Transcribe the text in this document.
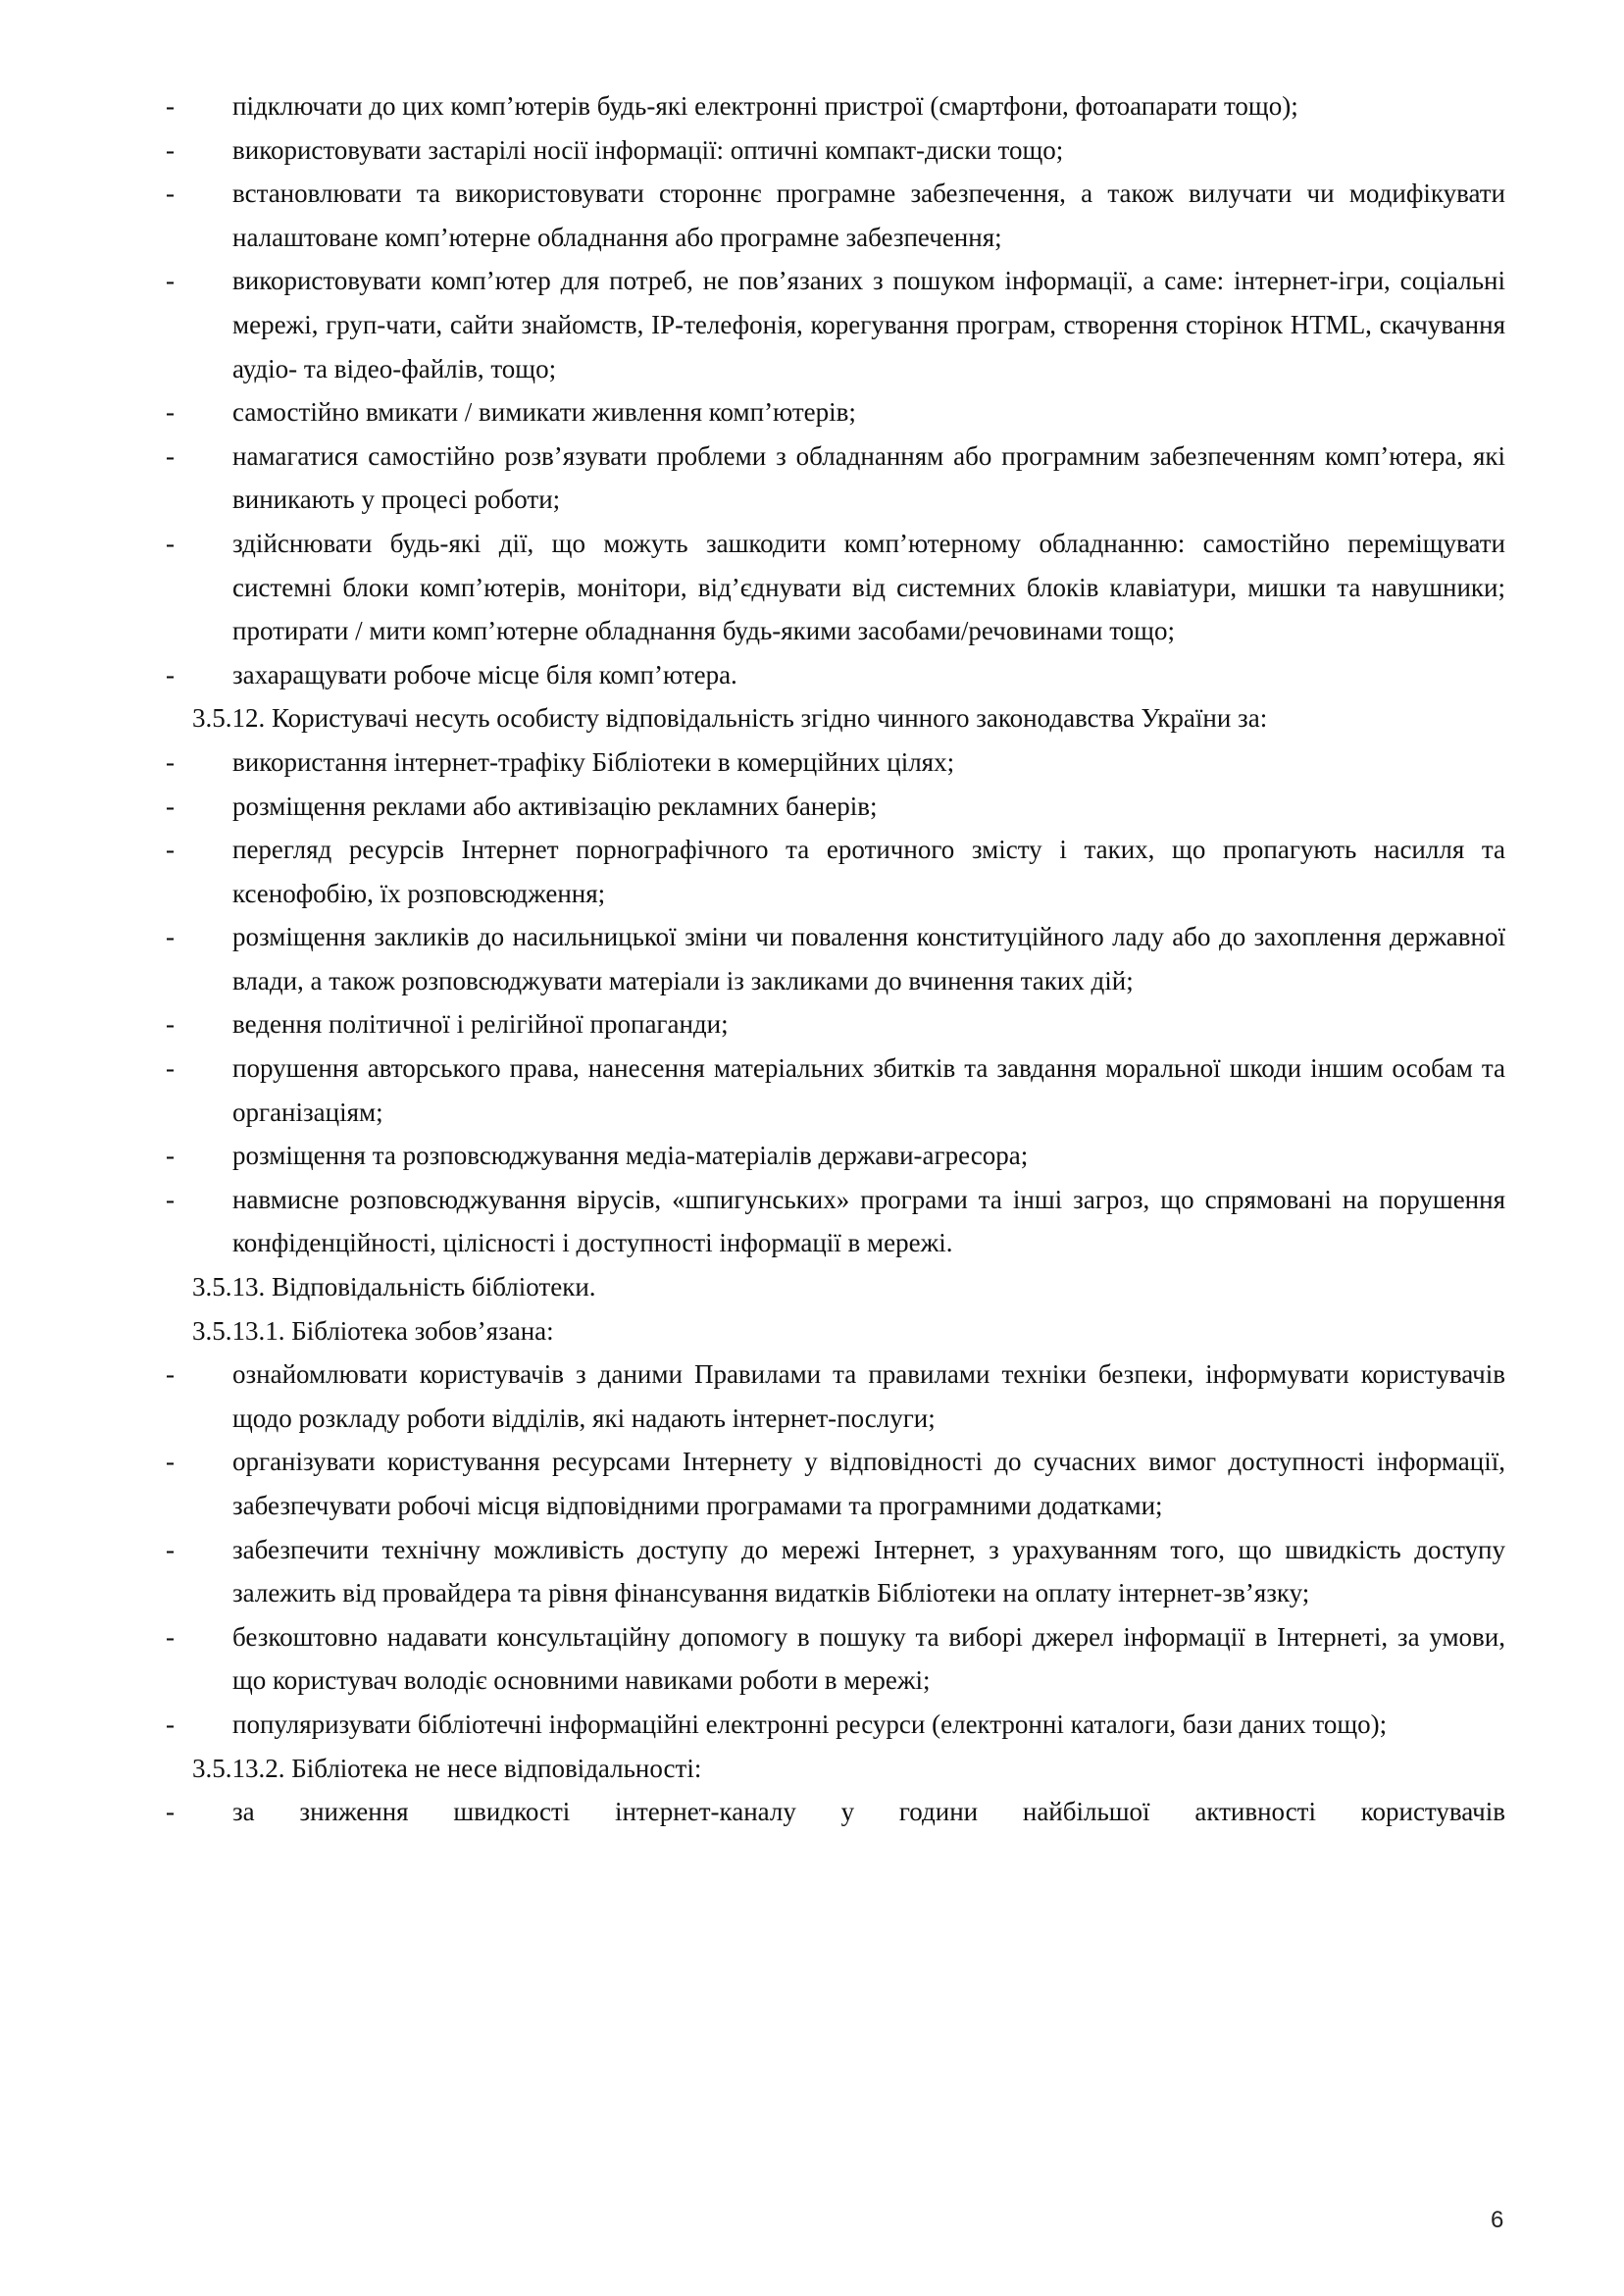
- підключати до цих комп’ютерів будь-які електронні пристрої (смартфони, фотоапарати тощо);
- використовувати застарілі носії інформації: оптичні компакт-диски тощо;
- встановлювати та використовувати стороннє програмне забезпечення, а також вилучати чи модифікувати налаштоване комп’ютерне обладнання або програмне забезпечення;
- використовувати комп’ютер для потреб, не пов’язаних з пошуком інформації, а саме: інтернет-ігри, соціальні мережі, груп-чати, сайти знайомств, IP-телефонія, корегування програм, створення сторінок HTML, скачування аудіо- та відео-файлів, тощо;
- самостійно вмикати / вимикати живлення комп’ютерів;
- намагатися самостійно розв’язувати проблеми з обладнанням або програмним забезпеченням комп’ютера, які виникають у процесі роботи;
- здійснювати будь-які дії, що можуть зашкодити комп’ютерному обладнанню: самостійно переміщувати системні блоки комп’ютерів, монітори, від’єднувати від системних блоків клавіатури, мишки та навушники; протирати / мити комп’ютерне обладнання будь-якими засобами/речовинами тощо;
- захаращувати робоче місце біля комп’ютера.
3.5.12. Користувачі несуть особисту відповідальність згідно чинного законодавства України за:
- використання інтернет-трафіку Бібліотеки в комерційних цілях;
- розміщення реклами або активізацію рекламних банерів;
- перегляд ресурсів Інтернет порнографічного та еротичного змісту і таких, що пропагують насилля та ксенофобію, їх розповсюдження;
- розміщення закликів до насильницької зміни чи повалення конституційного ладу або до захоплення державної влади, а також розповсюджувати матеріали із закликами до вчинення таких дій;
- ведення політичної і релігійної пропаганди;
- порушення авторського права, нанесення матеріальних збитків та завдання моральної шкоди іншим особам та організаціям;
- розміщення та розповсюджування медіа-матеріалів держави-агресора;
- навмисне розповсюджування вірусів, «шпигунських» програми та інші загроз, що спрямовані на порушення конфіденційності, цілісності і доступності інформації в мережі.
3.5.13. Відповідальність бібліотеки.
3.5.13.1. Бібліотека зобов’язана:
- ознайомлювати користувачів з даними Правилами та правилами техніки безпеки, інформувати користувачів щодо розкладу роботи відділів, які надають інтернет-послуги;
- організувати користування ресурсами Інтернету у відповідності до сучасних вимог доступності інформації, забезпечувати робочі місця відповідними програмами та програмними додатками;
- забезпечити технічну можливість доступу до мережі Інтернет, з урахуванням того, що швидкість доступу залежить від провайдера та рівня фінансування видатків Бібліотеки на оплату інтернет-зв’язку;
- безкоштовно надавати консультаційну допомогу в пошуку та виборі джерел інформації в Інтернеті, за умови, що користувач володіє основними навиками роботи в мережі;
- популяризувати бібліотечні інформаційні електронні ресурси (електронні каталоги, бази даних тощо);
3.5.13.2. Бібліотека не несе відповідальності:
- за зниження швидкості інтернет-каналу у години найбільшої активності користувачів
6
